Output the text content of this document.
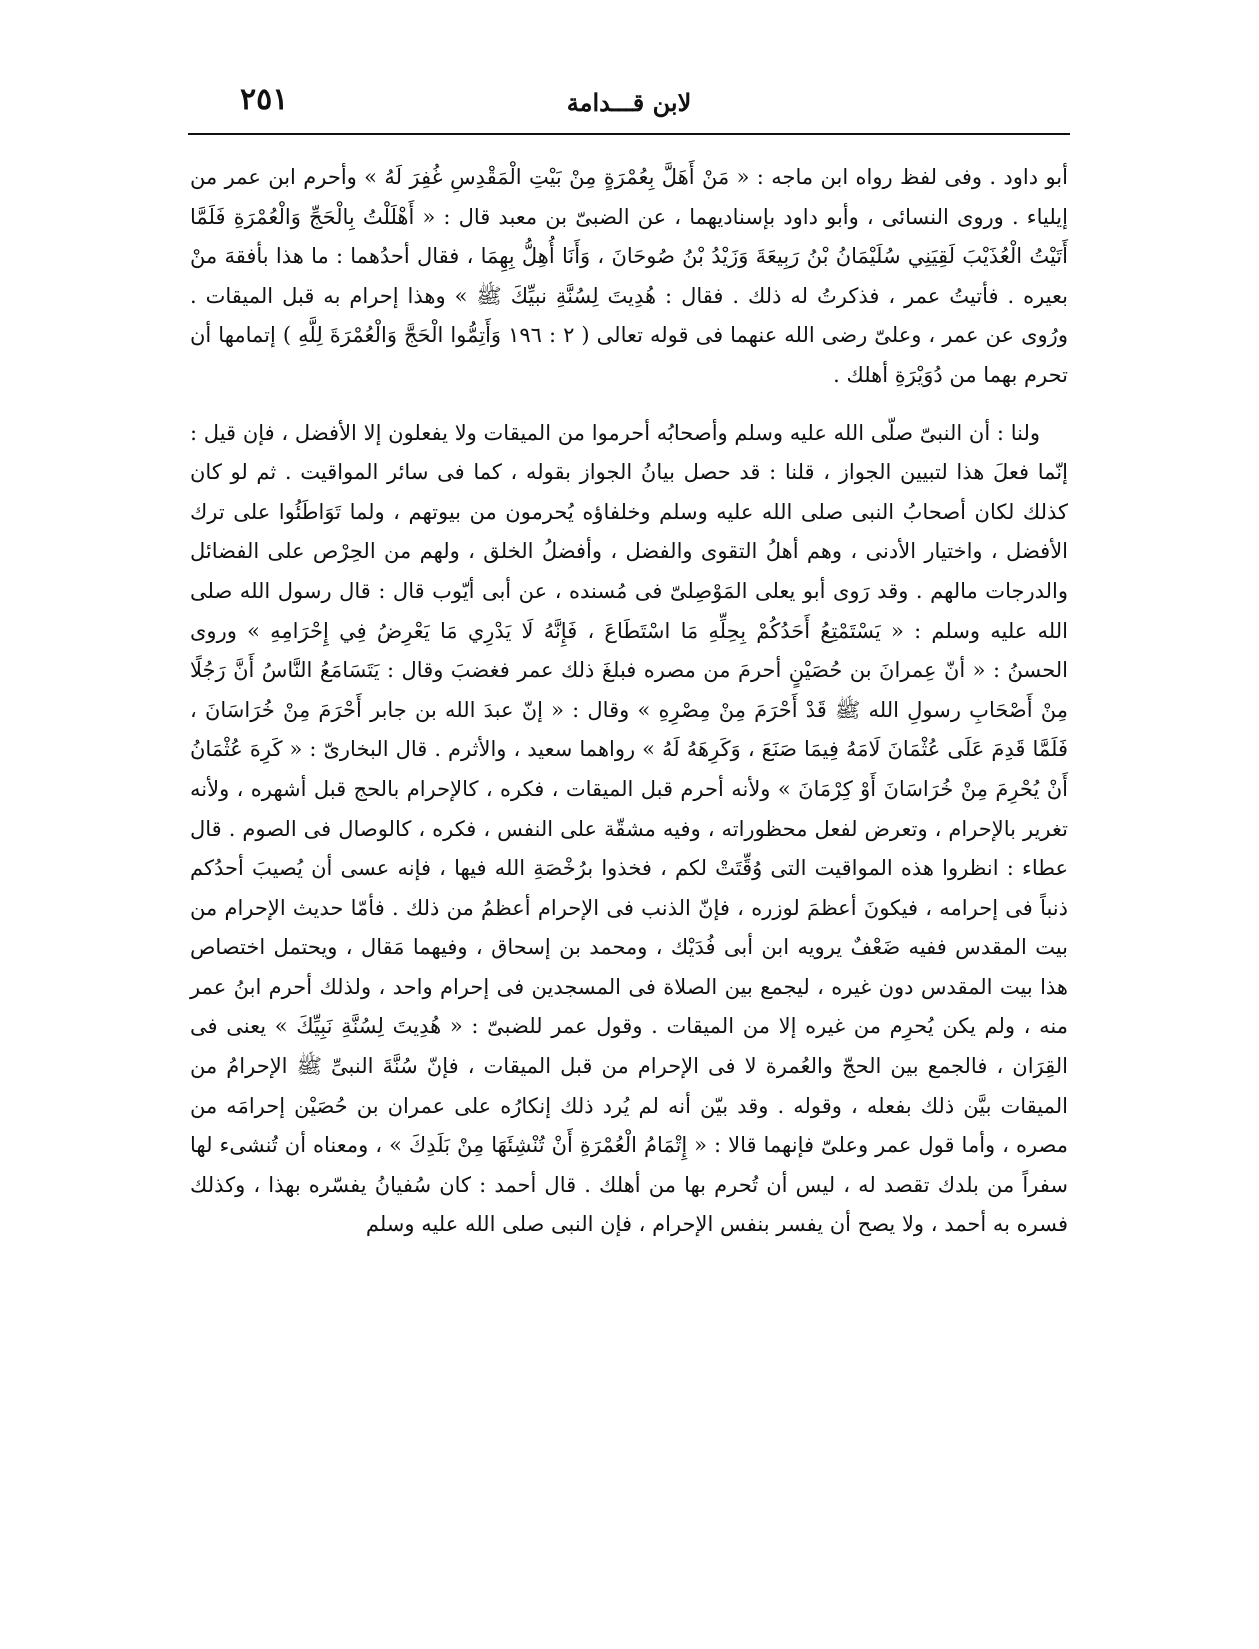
٢٥١	لابن قـــدامة

أبو داود . وفى لفظ رواه ابن ماجه : « مَنْ أَهَلَّ بِعُمْرَةٍ مِنْ بَيْتِ الْمَقْدِسِ غُفِرَ لَهُ » وأحرم ابن عمر من إيلياء . وروى النسائى ، وأبو داود بإسناديهما ، عن الضبىّ بن معبد قال : « أَهْلَلْتُ بِالْحَجِّ وَالْعُمْرَةِ فَلَمَّا أَتَيْتُ الْعُذَيْبَ لَقِيَنِي سُلَيْمَانُ بْنُ رَبِيعَةَ وَزَيْدُ بْنُ صُوحَانَ ، وَأَنَا أُهِلُّ بِهِمَا ، فقال أحدُهما : ما هذا بأفقهَ منْ بعيره . فأتيتُ عمر ، فذكرتُ له ذلك . فقال : هُدِيتَ لِسُنَّةِ نبيِّكَ ﷺ » وهذا إحرام به قبل الميقات . ورُوى عن عمر ، وعلىّ رضى الله عنهما فى قوله تعالى ( ٢ : ١٩٦ وَأَتِمُّوا الْحَجَّ وَالْعُمْرَةَ لِلَّهِ ) إتمامها أن تحرم بهما من دُوَيْرَةِ أهلك .

ولنا : أن النبىّ صلّى الله عليه وسلم وأصحابُه أحرموا من الميقات ولا يفعلون إلا الأفضل ، فإن قيل : إنّما فعلَ هذا لتبيين الجواز ، قلنا : قد حصل بيانُ الجواز بقوله ، كما فى سائر المواقيت . ثم لو كان كذلك لكان أصحابُ النبى صلى الله عليه وسلم وخلفاؤه يُحرمون من بيوتهم ، ولما تَوَاطَئُوا على ترك الأفضل ، واختيار الأدنى ، وهم أهلُ التقوى والفضل ، وأفضلُ الخلق ، ولهم من الحِرْص على الفضائل والدرجات مالهم . وقد رَوى أبو يعلى المَوْصِلىّ فى مُسنده ، عن أبى أيّوب قال : قال رسول الله صلى الله عليه وسلم : « يَسْتَمْتِعُ أَحَدُكُمْ بِحِلِّهِ مَا اسْتَطَاعَ ، فَإِنَّهُ لَا يَدْرِي مَا يَعْرِضُ فِي إِحْرَامِهِ » وروى الحسنُ : « أنّ عِمرانَ بن حُصَيْنٍ أحرمَ من مصره فبلغَ ذلك عمر فغضبَ وقال : يَتَسَامَعُ النَّاسُ أَنَّ رَجُلًا مِنْ أَصْحَابِ رسولِ الله ﷺ قَدْ أَحْرَمَ مِنْ مِصْرِهِ » وقال : « إنّ عبدَ الله بن جابر أَحْرَمَ مِنْ خُرَاسَانَ ، فَلَمَّا قَدِمَ عَلَى عُثْمَانَ لَامَهُ فِيمَا صَنَعَ ، وَكَرِهَهُ لَهُ » رواهما سعيد ، والأثرم . قال البخارىّ : « كَرِهَ عُثْمَانُ أَنْ يُحْرِمَ مِنْ خُرَاسَانَ أَوْ كِرْمَانَ » ولأنه أحرم قبل الميقات ، فكره ، كالإحرام بالحج قبل أشهره ، ولأنه تغرير بالإحرام ، وتعرض لفعل محظوراته ، وفيه مشقّة على النفس ، فكره ، كالوصال فى الصوم . قال عطاء : انظروا هذه المواقيت التى وُقِّتَتْ لكم ، فخذوا برُخْصَةِ الله فيها ، فإنه عسى أن يُصيبَ أحدُكم ذنباً فى إحرامه ، فيكونَ أعظمَ لوزره ، فإنّ الذنب فى الإحرام أعظمُ من ذلك . فأمّا حديث الإحرام من بيت المقدس ففيه ضَعْفٌ يرويه ابن أبى فُدَيْك ، ومحمد بن إسحاق ، وفيهما مَقال ، ويحتمل اختصاص هذا بيت المقدس دون غيره ، ليجمع بين الصلاة فى المسجدين فى إحرام واحد ، ولذلك أحرم ابنُ عمر منه ، ولم يكن يُحرِم من غيره إلا من الميقات . وقول عمر للضبىّ : « هُدِيتَ لِسُنَّةِ نَبِيِّكَ » يعنى فى القِرَان ، فالجمع بين الحجّ والعُمرة لا فى الإحرام من قبل الميقات ، فإنّ سُنَّةَ النبىِّ ﷺ الإحرامُ من الميقات بيَّن ذلك بفعله ، وقوله . وقد بيّن أنه لم يُرد ذلك إنكارُه على عمران بن حُصَيْن إحرامَه من مصره ، وأما قول عمر وعلىّ فإنهما قالا : « إِتْمَامُ الْعُمْرَةِ أَنْ تُنْشِئَهَا مِنْ بَلَدِكَ » ، ومعناه أن تُنشىء لها سفراً من بلدك تقصد له ، ليس أن تُحرم بها من أهلك . قال أحمد : كان سُفيانُ يفسّره بهذا ، وكذلك فسره به أحمد ، ولا يصح أن يفسر بنفس الإحرام ، فإن النبى صلى الله عليه وسلم
